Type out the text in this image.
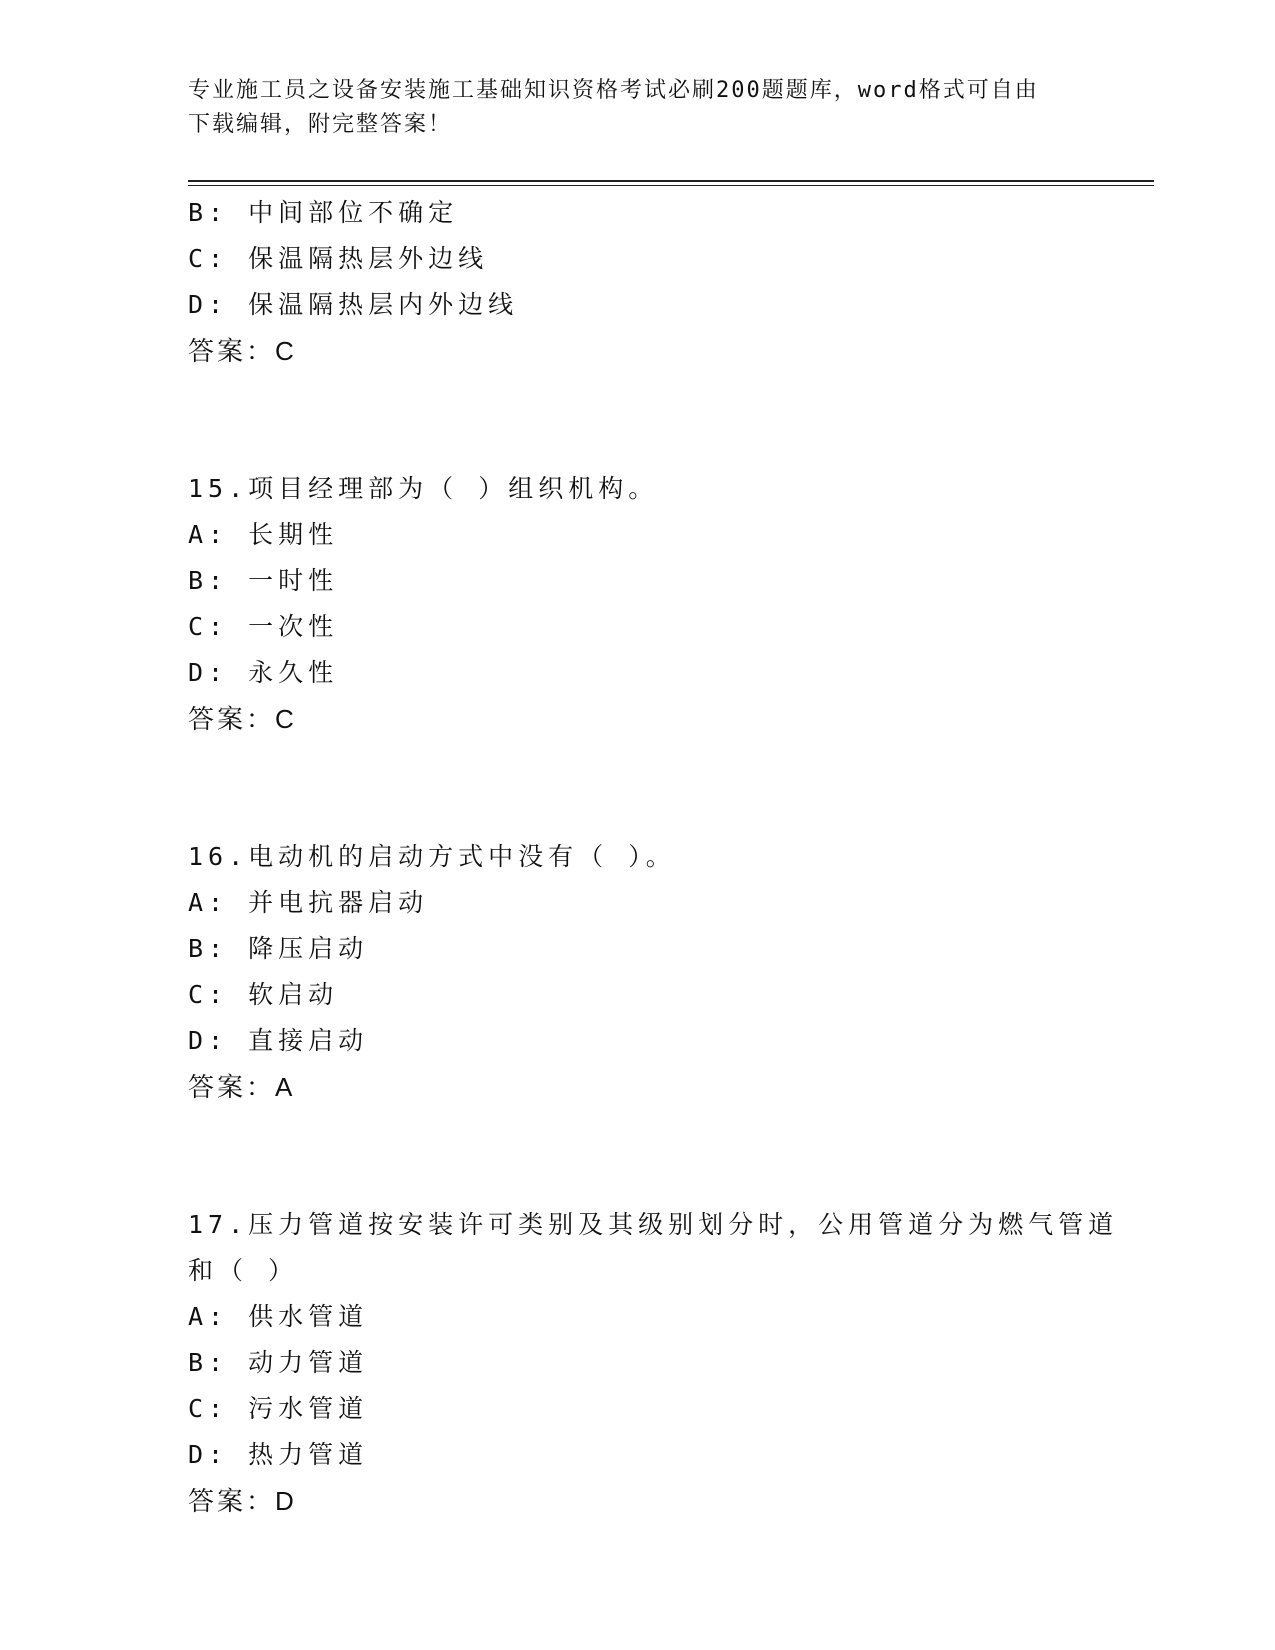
专业施工员之设备安装施工基础知识资格考试必刷200题题库，word格式可自由
下载编辑，附完整答案！
B: 中间部位不确定
C: 保温隔热层外边线
D: 保温隔热层内外边线
答案：C
15.项目经理部为（ ）组织机构。
A: 长期性
B: 一时性
C: 一次性
D: 永久性
答案：C
16.电动机的启动方式中没有（ ）。
A: 并电抗器启动
B: 降压启动
C: 软启动
D: 直接启动
答案：A
17.压力管道按安装许可类别及其级别划分时，公用管道分为燃气管道
和（ ）
A: 供水管道
B: 动力管道
C: 污水管道
D: 热力管道
答案：D
